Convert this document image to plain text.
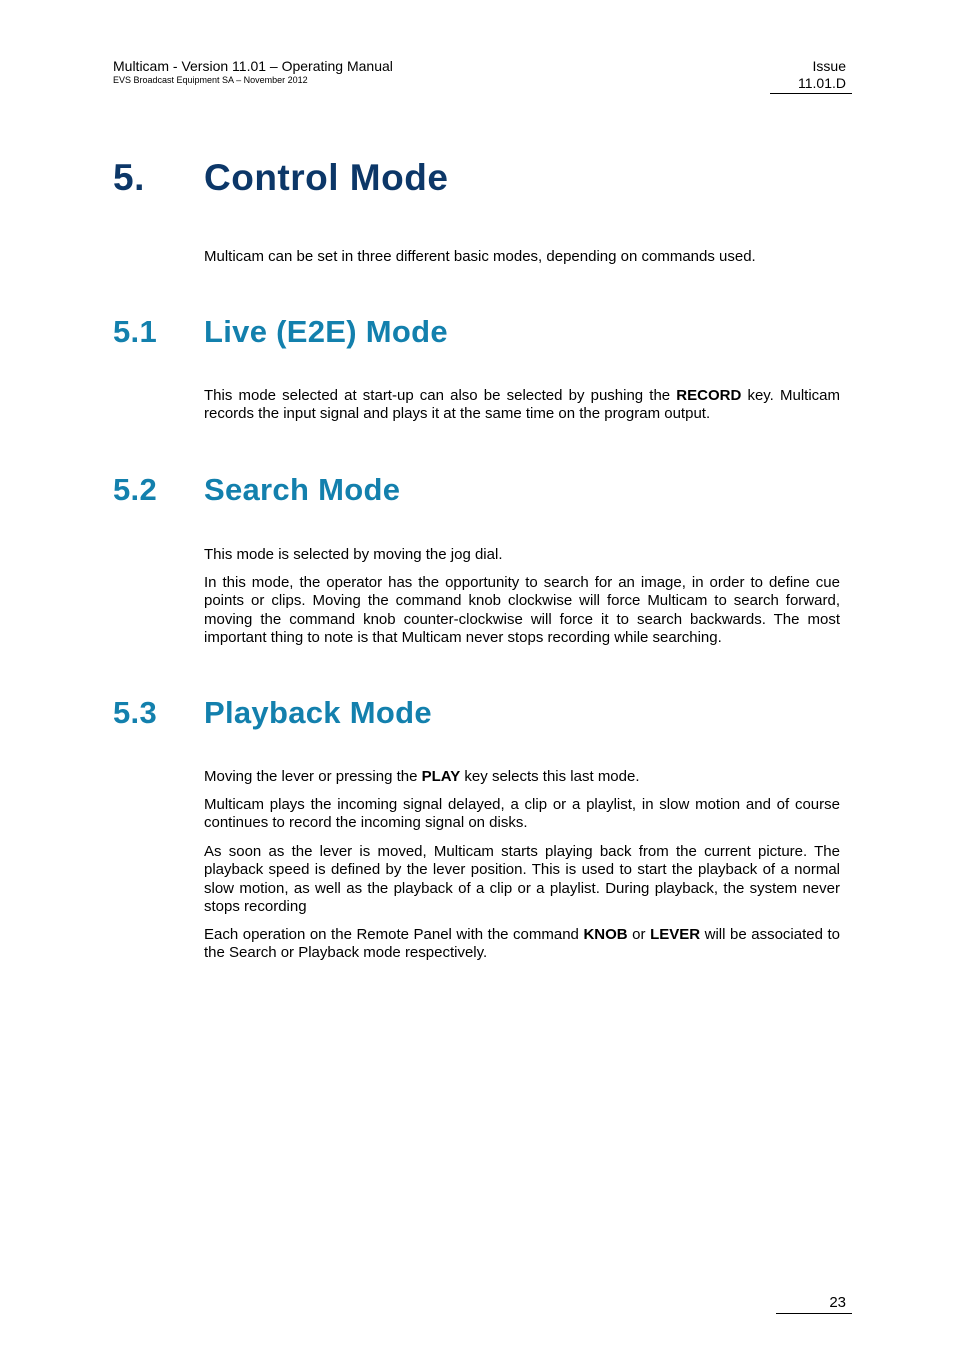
Multicam - Version 11.01 – Operating Manual
EVS Broadcast Equipment SA – November 2012
Issue
11.01.D
5. Control Mode

Multicam can be set in three different basic modes, depending on commands used.

5.1 Live (E2E) Mode

This mode selected at start-up can also be selected by pushing the RECORD key. Multicam records the input signal and plays it at the same time on the program output.

5.2 Search Mode

This mode is selected by moving the jog dial.

In this mode, the operator has the opportunity to search for an image, in order to define cue points or clips. Moving the command knob clockwise will force Multicam to search forward, moving the command knob counter-clockwise will force it to search backwards. The most important thing to note is that Multicam never stops recording while searching.

5.3 Playback Mode

Moving the lever or pressing the PLAY key selects this last mode.

Multicam plays the incoming signal delayed, a clip or a playlist, in slow motion and of course continues to record the incoming signal on disks.

As soon as the lever is moved, Multicam starts playing back from the current picture. The playback speed is defined by the lever position. This is used to start the playback of a normal slow motion, as well as the playback of a clip or a playlist. During playback, the system never stops recording

Each operation on the Remote Panel with the command KNOB or LEVER will be associated to the Search or Playback mode respectively.

23
